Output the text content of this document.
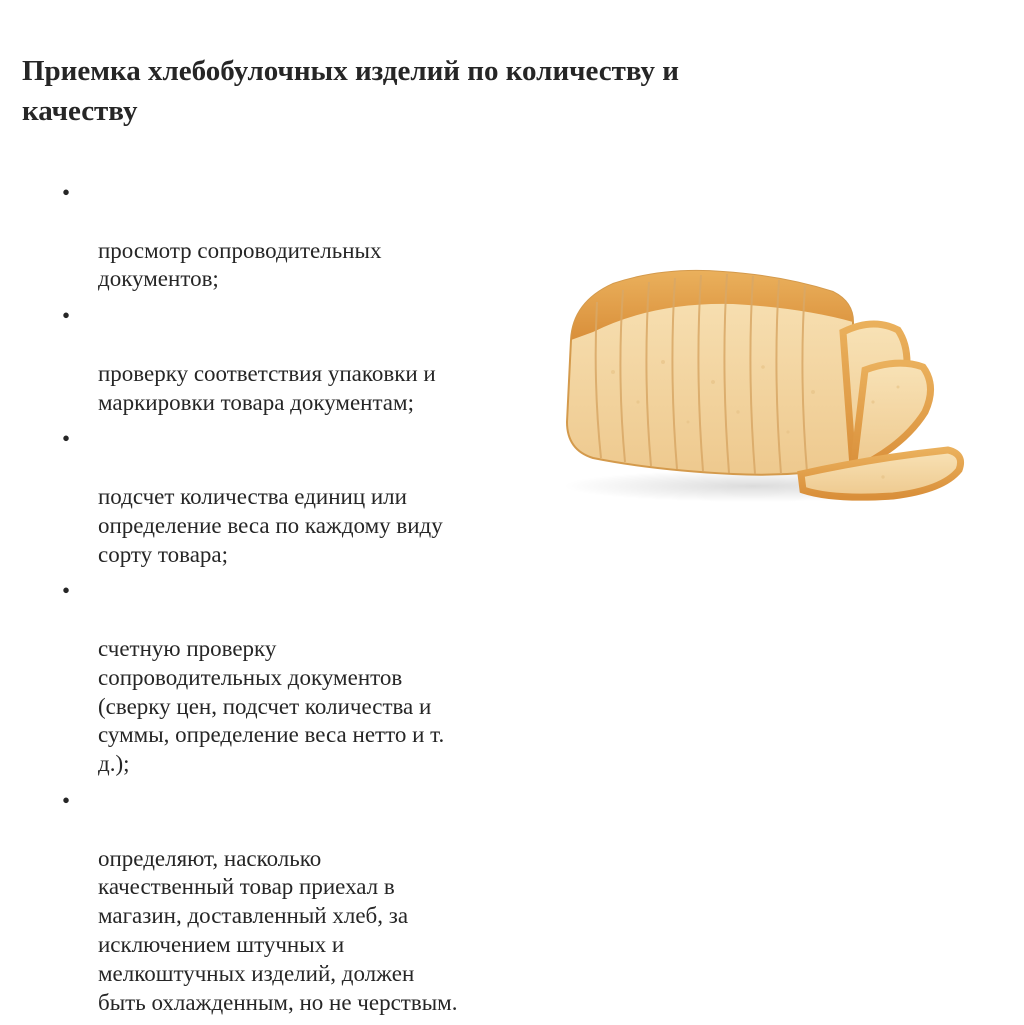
Приемка хлебобулочных изделий по количеству и
качеству

•

просмотр сопроводительных
документов;

•

проверку соответствия упаковки и
маркировки товара документам;

•

подсчет количества единиц или
определение веса по каждому виду
сорту товара;

•

счетную проверку
сопроводительных документов
(сверку цен, подсчет количества и
суммы, определение веса нетто и т.
д.);

•

определяют, насколько
качественный товар приехал в
магазин, доставленный хлеб, за
исключением штучных и
мелкоштучных изделий, должен
быть охлажденным, но не черствым.
